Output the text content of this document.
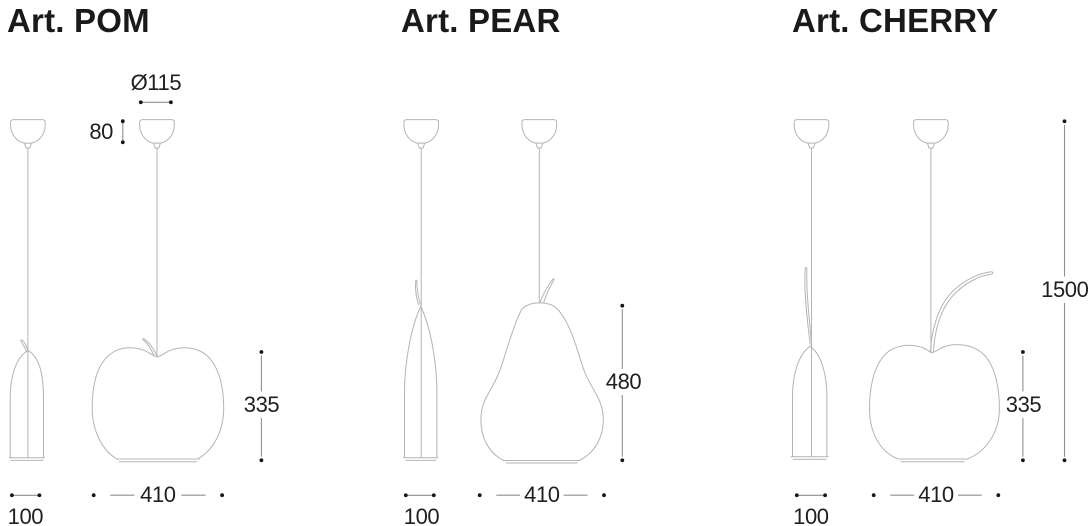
Art. POM	Art. PEAR	Art. CHERRY
Ø115
80
335
410
100
480
410
100
1500
335
410
100
